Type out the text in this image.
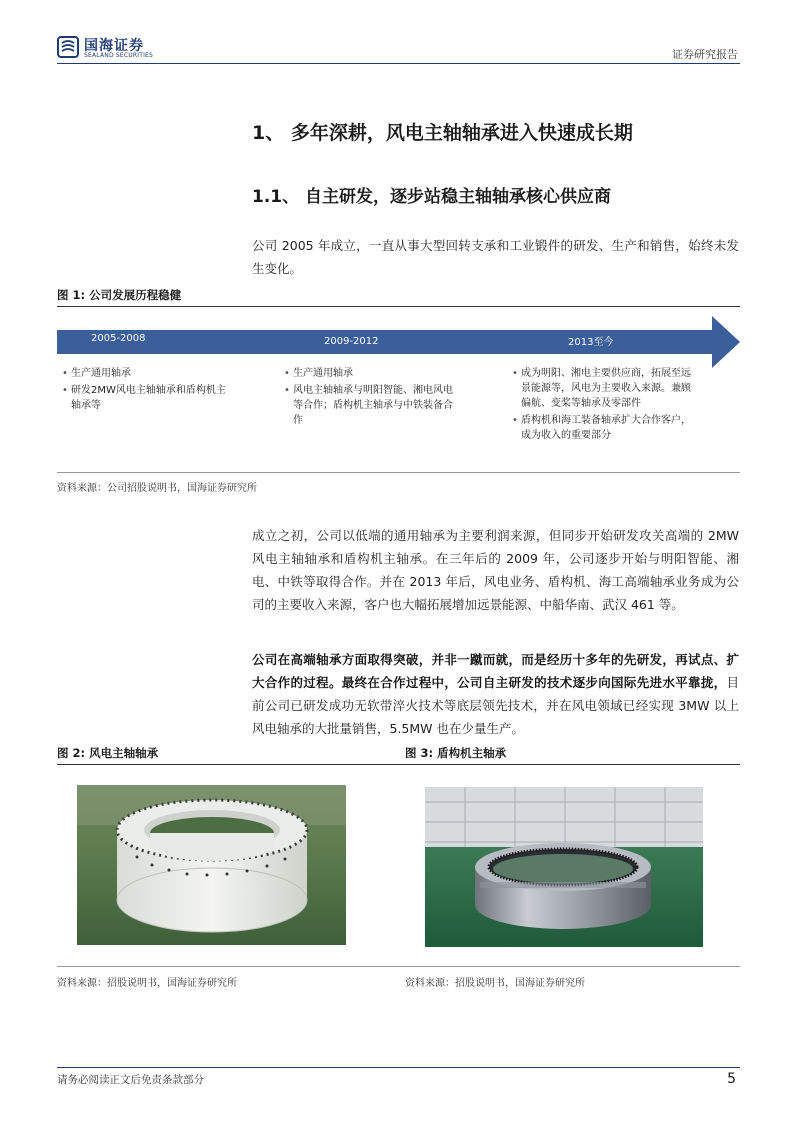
国海证券
SEALAND SECURITIES	证券研究报告
1、 多年深耕，风电主轴轴承进入快速成长期
1.1、 自主研发，逐步站稳主轴轴承核心供应商
公司 2005 年成立，一直从事大型回转支承和工业锻件的研发、生产和销售，始终未发生变化。
图 1: 公司发展历程稳健
2005-2008	2009-2012	2013至今
• 生产通用轴承
• 研发2MW风电主轴轴承和盾构机主轴承等
• 生产通用轴承
• 风电主轴轴承与明阳智能、湘电风电等合作；盾构机主轴承与中铁装备合作
• 成为明阳、湘电主要供应商，拓展至远景能源等，风电为主要收入来源。兼顾偏航、变桨等轴承及零部件
• 盾构机和海工装备轴承扩大合作客户，成为收入的重要部分
资料来源：公司招股说明书，国海证券研究所
成立之初，公司以低端的通用轴承为主要利润来源，但同步开始研发攻关高端的 2MW 风电主轴轴承和盾构机主轴承。在三年后的 2009 年，公司逐步开始与明阳智能、湘电、中铁等取得合作。并在 2013 年后，风电业务、盾构机、海工高端轴承业务成为公司的主要收入来源，客户也大幅拓展增加远景能源、中船华南、武汉 461 等。
公司在高端轴承方面取得突破，并非一蹴而就，而是经历十多年的先研发，再试点、扩大合作的过程。最终在合作过程中，公司自主研发的技术逐步向国际先进水平靠拢，目前公司已研发成功无软带淬火技术等底层领先技术，并在风电领域已经实现 3MW 以上风电轴承的大批量销售，5.5MW 也在少量生产。
图 2: 风电主轴轴承	图 3: 盾构机主轴承
资料来源：招股说明书，国海证券研究所	资料来源：招股说明书，国海证券研究所
请务必阅读正文后免责条款部分	5
